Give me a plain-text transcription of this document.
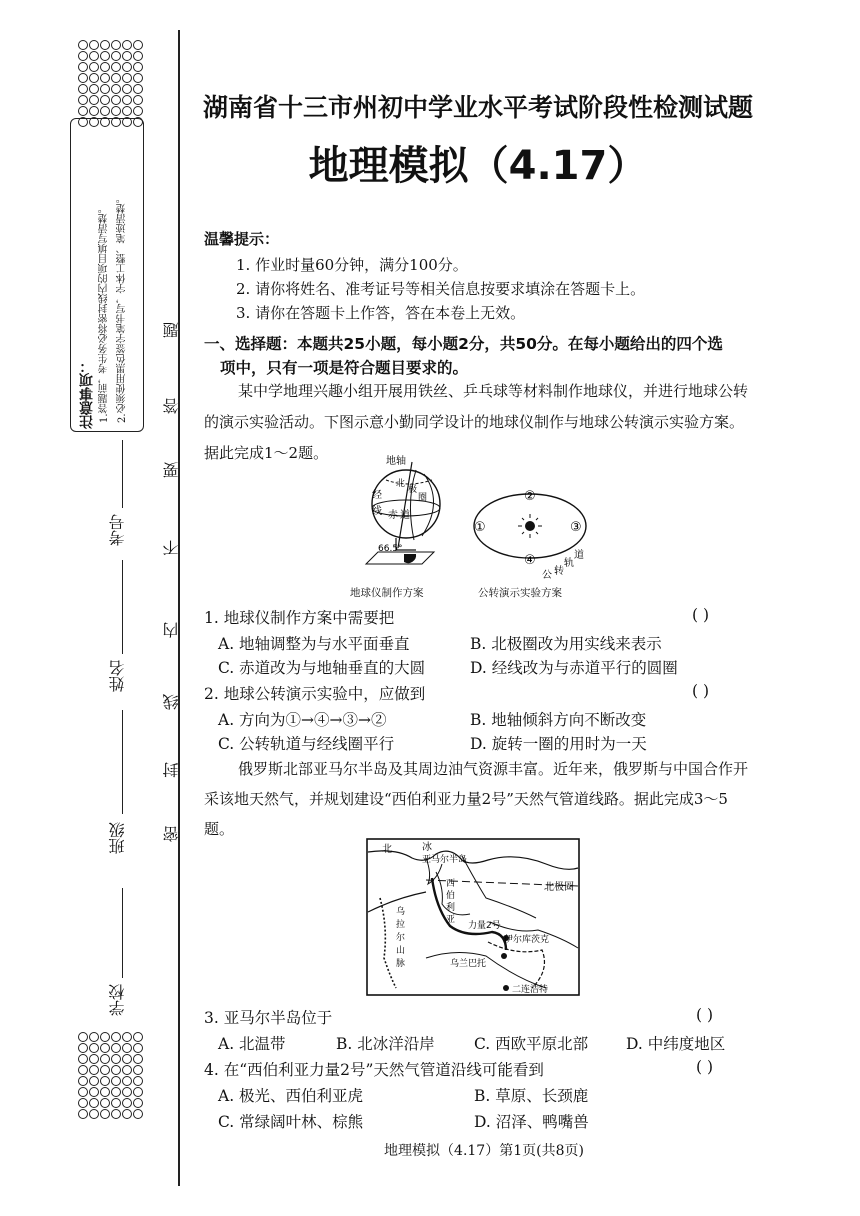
注意事项： 1.答题前，考生务必将密封线内的项目填写清楚。 2.必须使用黑色签字笔书写，字体工整、笔迹清楚。
密
封
线
内
不
要
答
题
学校
班级
姓名
考号
湖南省十三市州初中学业水平考试阶段性检测试题
地理模拟（4.17）
温馨提示：
1. 作业时量60分钟，满分100分。
2. 请你将姓名、准考证号等相关信息按要求填涂在答题卡上。
3. 请你在答题卡上作答，答在本卷上无效。
一、选择题：本题共25小题，每小题2分，共50分。在每小题给出的四个选
项中，只有一项是符合题目要求的。
某中学地理兴趣小组开展用铁丝、乒乓球等材料制作地球仪，并进行地球公转的演示实验活动。下图示意小勤同学设计的地球仪制作与地球公转演示实验方案。据此完成1～2题。	地轴
经
线 赤 道
北
极
圈
66.5°
地球仪制作方案
①
②
③
④	道
轨
转
公
公转演示实验方案
1. 地球仪制作方案中需要把	( )
A. 地轴调整为与水平面垂直	B. 北极圈改为用实线来表示
C. 赤道改为与地轴垂直的大圆	D. 经线改为与赤道平行的圆圈
2. 地球公转演示实验中，应做到	( )
A. 方向为①→④→③→②	B. 地轴倾斜方向不断改变
C. 公转轨道与经线圈平行	D. 旋转一圈的用时为一天
俄罗斯北部亚马尔半岛及其周边油气资源丰富。近年来，俄罗斯与中国合作开采该地天然气，并规划建设“西伯利亚力量2号”天然气管道线路。据此完成3～5题。
北	冰
亚马尔半岛
北极圈
乌
拉
尔
山
脉
西
伯
利
亚
力量2号
伊尔库茨克
乌兰巴托
二连浩特
3. 亚马尔半岛位于	( )
A. 北温带	B. 北冰洋沿岸	C. 西欧平原北部 D. 中纬度地区
4. 在“西伯利亚力量2号”天然气管道沿线可能看到	( )
A. 极光、西伯利亚虎	B. 草原、长颈鹿
C. 常绿阔叶林、棕熊	D. 沼泽、鸭嘴兽
地理模拟（4.17）第1页(共8页)
